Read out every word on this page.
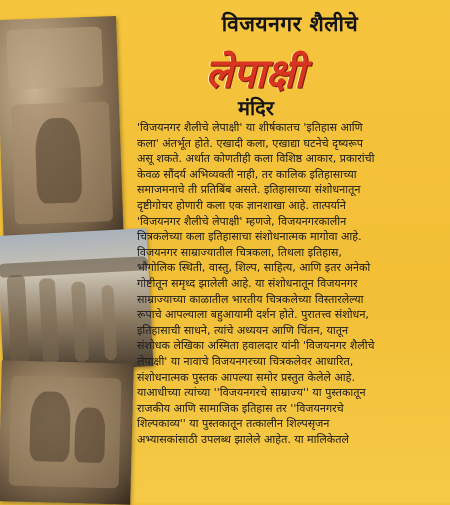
विजयनगर शैलीचे
लेपाक्षी
मंदिर
'विजयनगर शैलीचे लेपाक्षी' या शीर्षकातच 'इतिहास आणि
कला' अंतर्भूत होते. एखादी कला, एखाद्या घटनेचे दृष्यरूप
असू शकते. अर्थात कोणतीही कला विशिष्ठ आकार, प्रकारांची
केवळ सौंदर्य अभिव्यक्ती नाही, तर कालिक इतिहासाच्या
समाजमनाचे ती प्रतिबिंब असते. इतिहासाच्या संशोधनातून
दृष्टीगोचर होणारी कला एक ज्ञानशाखा आहे. तात्पर्याने
'विजयनगर शैलीचे लेपाक्षी' म्हणजे, विजयनगरकालीन
चित्रकलेच्या कला इतिहासाचा संशोधनात्मक मागोवा आहे.
विजयनगर साम्राज्यातील चित्रकला, तिथला इतिहास,
भौगोलिक स्थिती, वास्तु, शिल्प, साहित्य, आणि इतर अनेको
गोष्टीतून समृध्द झालेली आहे. या संशोधनातून विजयनगर
साम्राज्याच्या काळातील भारतीय चित्रकलेच्या विस्तारलेल्या
रूपाचे आपल्याला बहुआयामी दर्शन होते. पुरातत्त्व संशोधन,
इतिहासाची साधने, त्यांचे अध्ययन आणि चिंतन, यातून
संशोधक लेखिका अस्मिता हवालदार यांनी 'विजयनगर शैलीचे
लेपाक्षी' या नावाचे विजयनगरच्या चित्रकलेवर आधारित,
संशोधनात्मक पुस्तक आपल्या समोर प्रस्तुत केलेले आहे.
याआधीच्या त्यांच्या ''विजयनगरचे साम्राज्य'' या पुस्तकातून
राजकीय आणि सामाजिक इतिहास तर ''विजयनगरचे
शिल्पकाव्य'' या पुस्तकातून तत्कालीन शिल्पसृजन
अभ्यासकांसाठी उपलब्ध झालेले आहेत. या मालिकेतले
